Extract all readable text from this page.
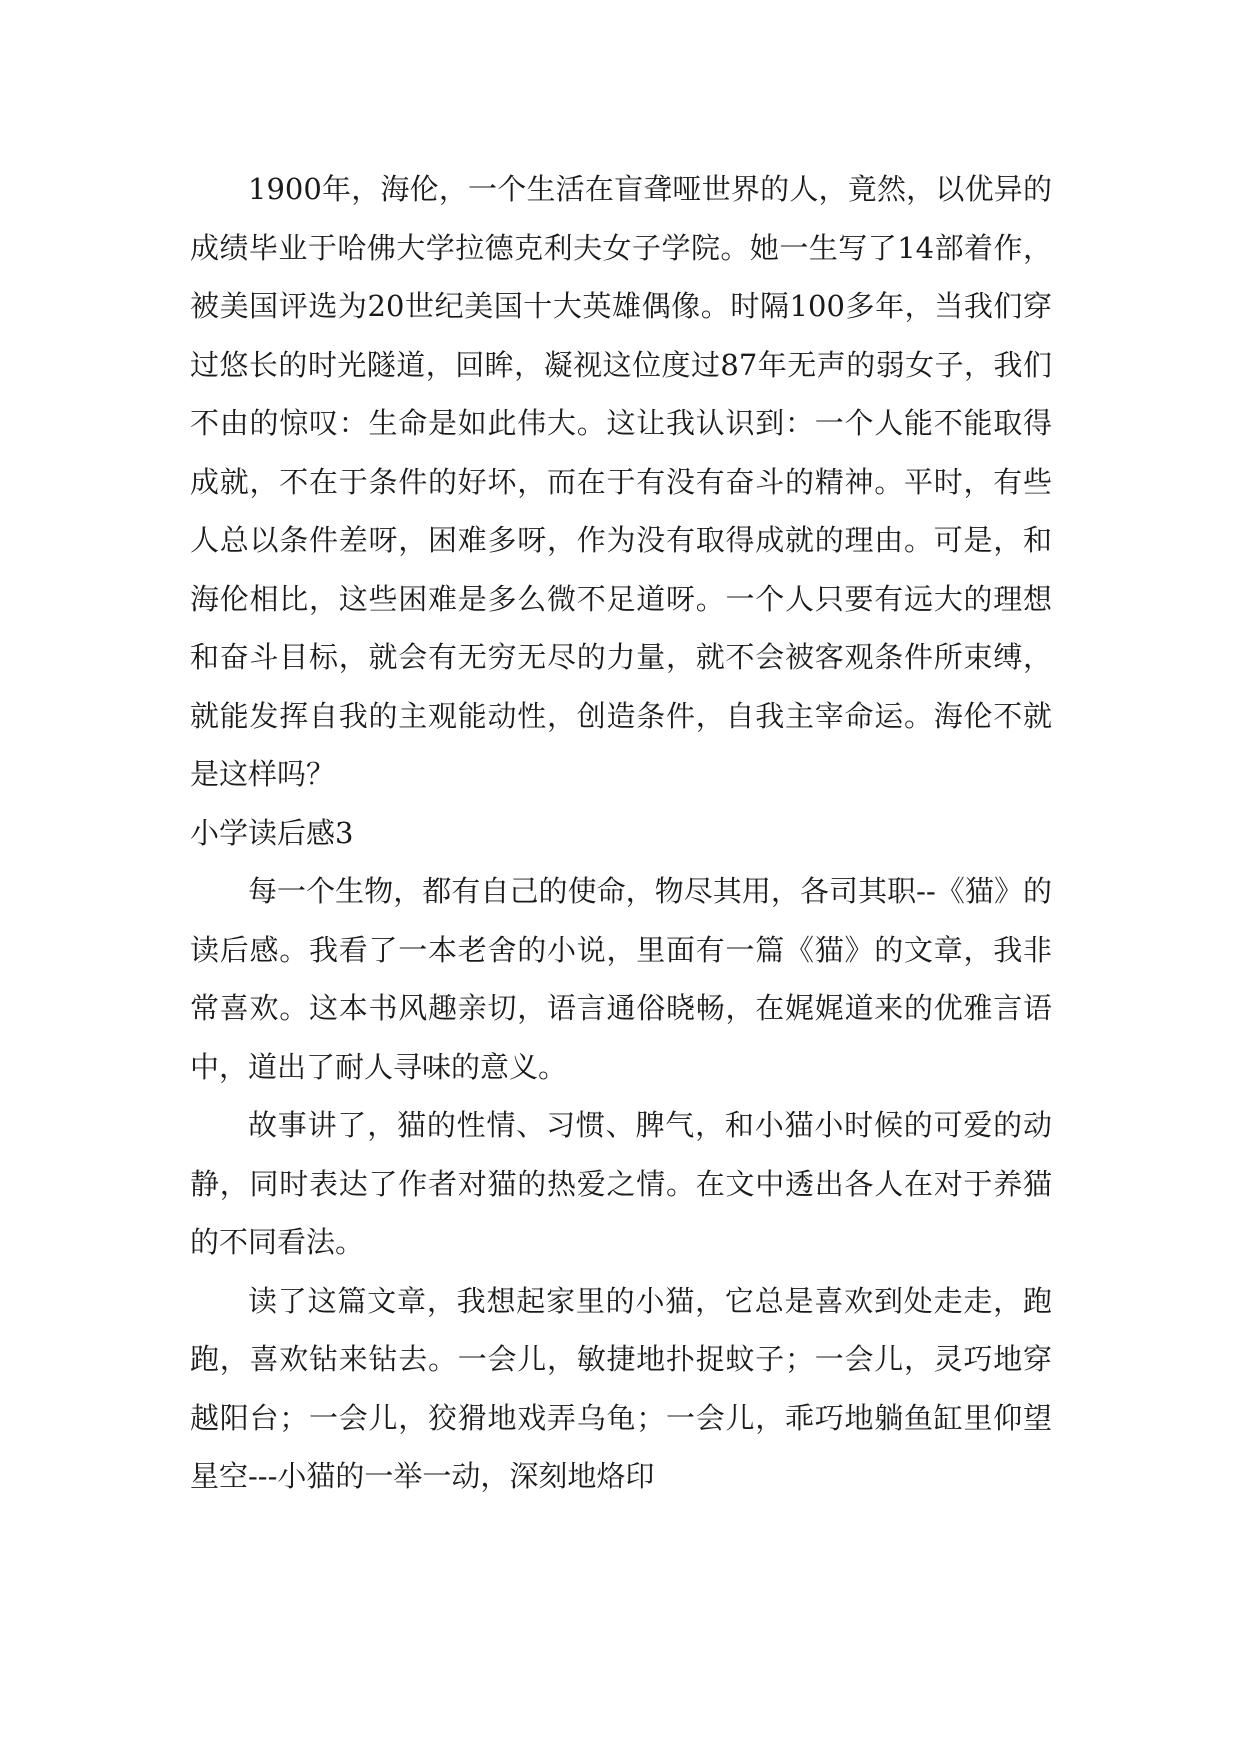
1900年，海伦，一个生活在盲聋哑世界的人，竟然，以优异的成绩毕业于哈佛大学拉德克利夫女子学院。她一生写了14部着作，被美国评选为20世纪美国十大英雄偶像。时隔100多年，当我们穿过悠长的时光隧道，回眸，凝视这位度过87年无声的弱女子，我们不由的惊叹：生命是如此伟大。这让我认识到：一个人能不能取得成就，不在于条件的好坏，而在于有没有奋斗的精神。平时，有些人总以条件差呀，困难多呀，作为没有取得成就的理由。可是，和海伦相比，这些困难是多么微不足道呀。一个人只要有远大的理想和奋斗目标，就会有无穷无尽的力量，就不会被客观条件所束缚，就能发挥自我的主观能动性，创造条件，自我主宰命运。海伦不就是这样吗？

小学读后感3

每一个生物，都有自己的使命，物尽其用，各司其职--《猫》的读后感。我看了一本老舍的小说，里面有一篇《猫》的文章，我非常喜欢。这本书风趣亲切，语言通俗晓畅，在娓娓道来的优雅言语中，道出了耐人寻味的意义。

故事讲了，猫的性情、习惯、脾气，和小猫小时候的可爱的动静，同时表达了作者对猫的热爱之情。在文中透出各人在对于养猫的不同看法。

读了这篇文章，我想起家里的小猫，它总是喜欢到处走走，跑跑，喜欢钻来钻去。一会儿，敏捷地扑捉蚊子；一会儿，灵巧地穿越阳台；一会儿，狡猾地戏弄乌龟；一会儿，乖巧地躺鱼缸里仰望星空---小猫的一举一动，深刻地烙印
